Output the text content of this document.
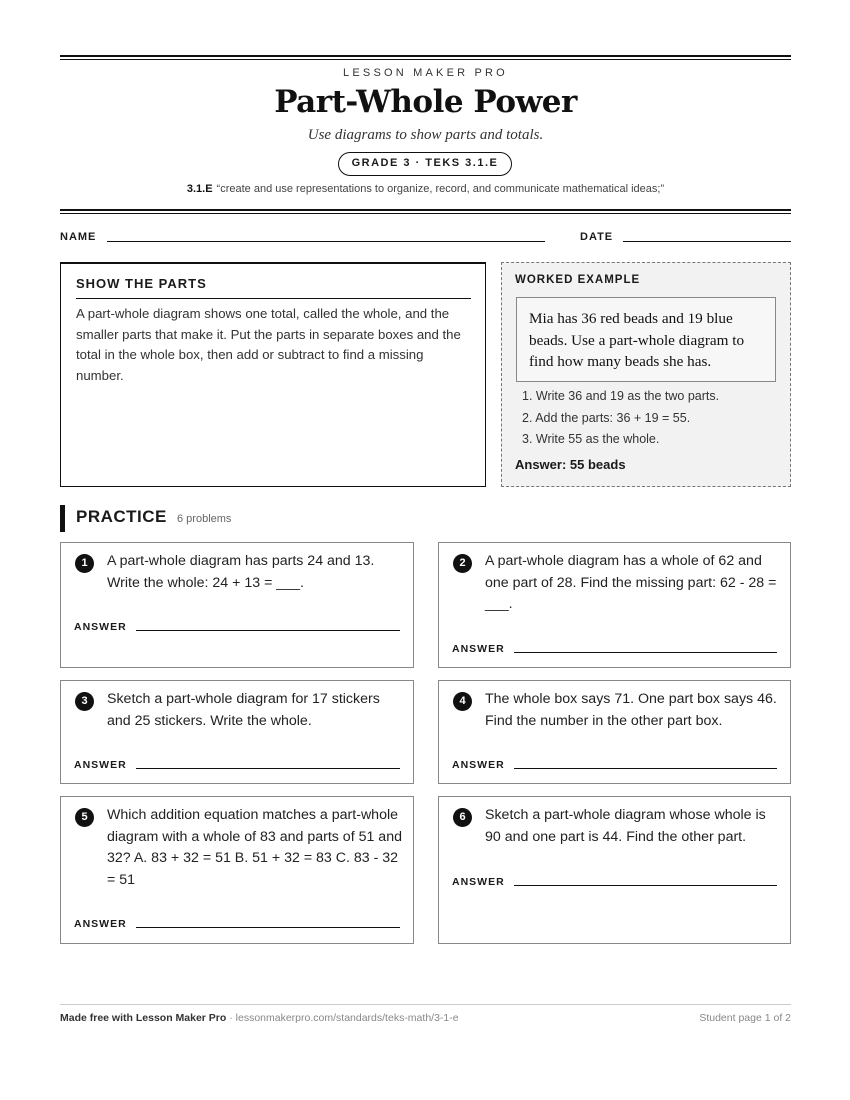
LESSON MAKER PRO
Part-Whole Power
Use diagrams to show parts and totals.
GRADE 3 · TEKS 3.1.E
3.1.E “create and use representations to organize, record, and communicate mathematical ideas;”
NAME	DATE
SHOW THE PARTS
A part-whole diagram shows one total, called the whole, and the smaller parts that make it. Put the parts in separate boxes and the total in the whole box, then add or subtract to find a missing number.
WORKED EXAMPLE
Mia has 36 red beads and 19 blue beads. Use a part-whole diagram to find how many beads she has.
1. Write 36 and 19 as the two parts.
2. Add the parts: 36 + 19 = 55.
3. Write 55 as the whole.
Answer: 55 beads
PRACTICE 6 problems
1	A part-whole diagram has parts 24 and 13. Write the whole: 24 + 13 = ___.
ANSWER
2	A part-whole diagram has a whole of 62 and one part of 28. Find the missing part: 62 - 28 = ___.
ANSWER
3	Sketch a part-whole diagram for 17 stickers and 25 stickers. Write the whole.
ANSWER
4	The whole box says 71. One part box says 46. Find the number in the other part box.
ANSWER
5	Which addition equation matches a part-whole diagram with a whole of 83 and parts of 51 and 32? A. 83 + 32 = 51 B. 51 + 32 = 83 C. 83 - 32 = 51
ANSWER
6	Sketch a part-whole diagram whose whole is 90 and one part is 44. Find the other part.
ANSWER
Made free with Lesson Maker Pro · lessonmakerpro.com/standards/teks-math/3-1-e	Student page 1 of 2
